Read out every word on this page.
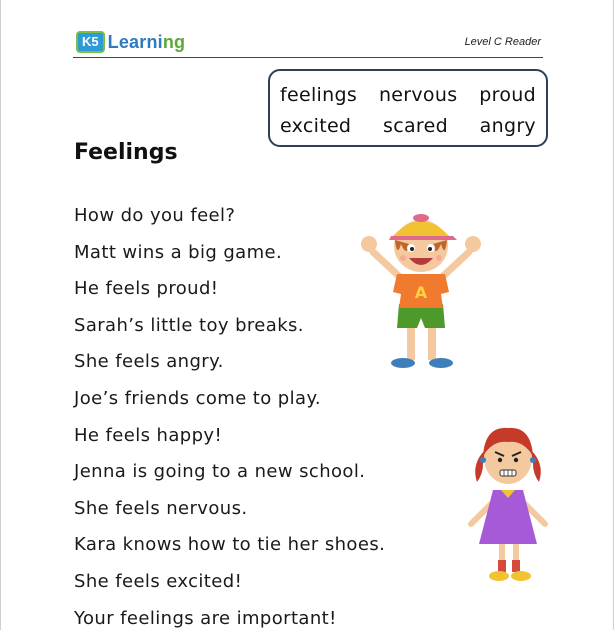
K5 Learning	Level C Reader
feelings nervous proud
excited scared angry
Feelings
How do you feel?
Matt wins a big game.
He feels proud!
Sarah’s little toy breaks.
She feels angry.
Joe’s friends come to play.
He feels happy!
Jenna is going to a new school.
She feels nervous.
Kara knows how to tie her shoes.
She feels excited!
Your feelings are important!
A
